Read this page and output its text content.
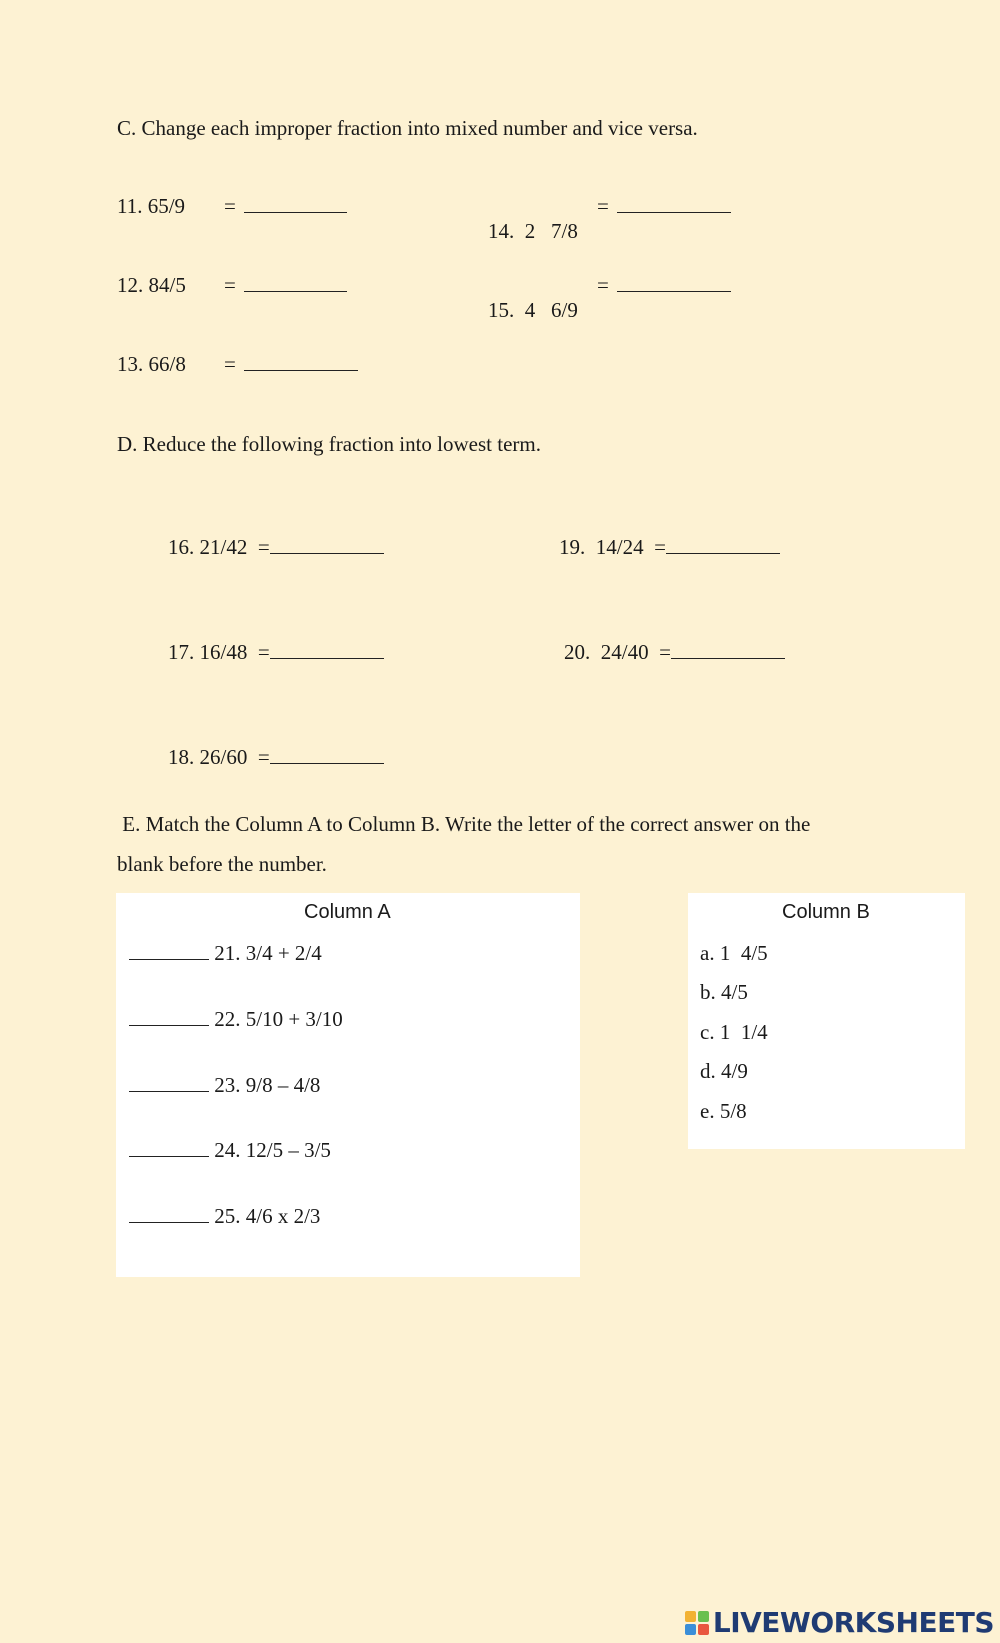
C. Change each improper fraction into mixed number and vice versa.
11. 65/9 =
12. 84/5 =
13. 66/8 =

14.  2   7/8

=

15.  4   6/9

=
D. Reduce the following fraction into lowest term.

16. 21/42  =

17. 16/48  =

18. 26/60  =

19.  14/24  =

20.  24/40  =

E. Match the Column A to Column B. Write the letter of the correct answer on the
blank before the number.
Column A
21. 3/4 + 2/4
22. 5/10 + 3/10
23. 9/8 – 4/8
24. 12/5 – 3/5
25. 4/6 x 2/3
Column B
a. 1  4/5
b. 4/5
c. 1  1/4
d. 4/9
e. 5/8
LIVEWORKSHEETS
